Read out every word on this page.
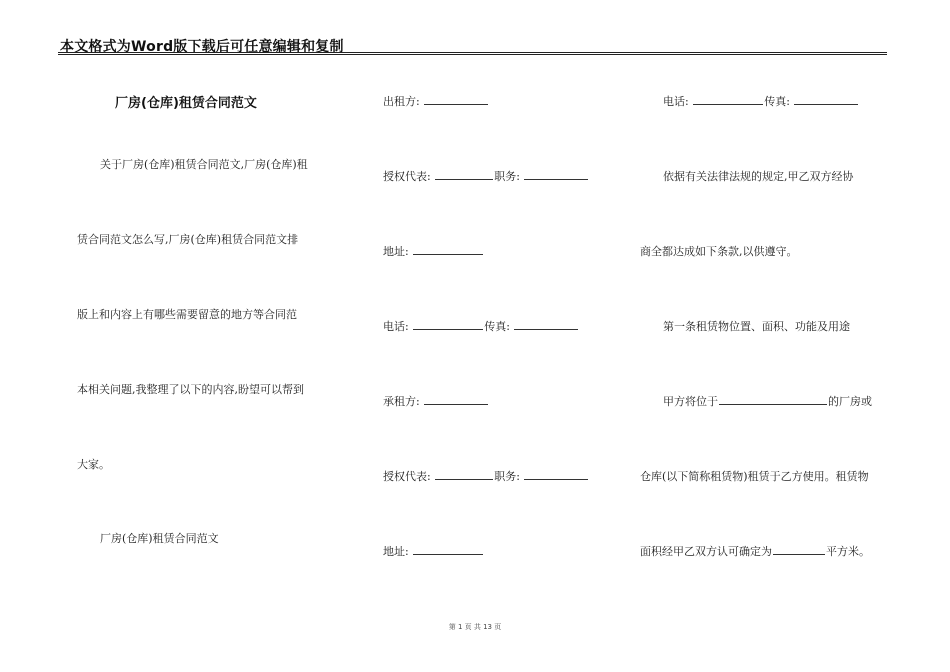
本文格式为Word版下载后可任意编辑和复制
厂房(仓库)租赁合同范文
关于厂房(仓库)租赁合同范文,厂房(仓库)租
赁合同范文怎么写,厂房(仓库)租赁合同范文排
版上和内容上有哪些需要留意的地方等合同范
本相关问题,我整理了以下的内容,盼望可以帮到
大家。
厂房(仓库)租赁合同范文
出租方:
授权代表:	职务:
地址:
电话:	传真:
承租方:
授权代表:	职务:
地址:
电话:	传真:
依据有关法律法规的规定,甲乙双方经协
商全都达成如下条款,以供遵守。
第一条租赁物位置、面积、功能及用途
甲方将位于	的厂房或
仓库(以下简称租赁物)租赁于乙方使用。租赁物
面积经甲乙双方认可确定为	平方米。
第 1 页 共 13 页
